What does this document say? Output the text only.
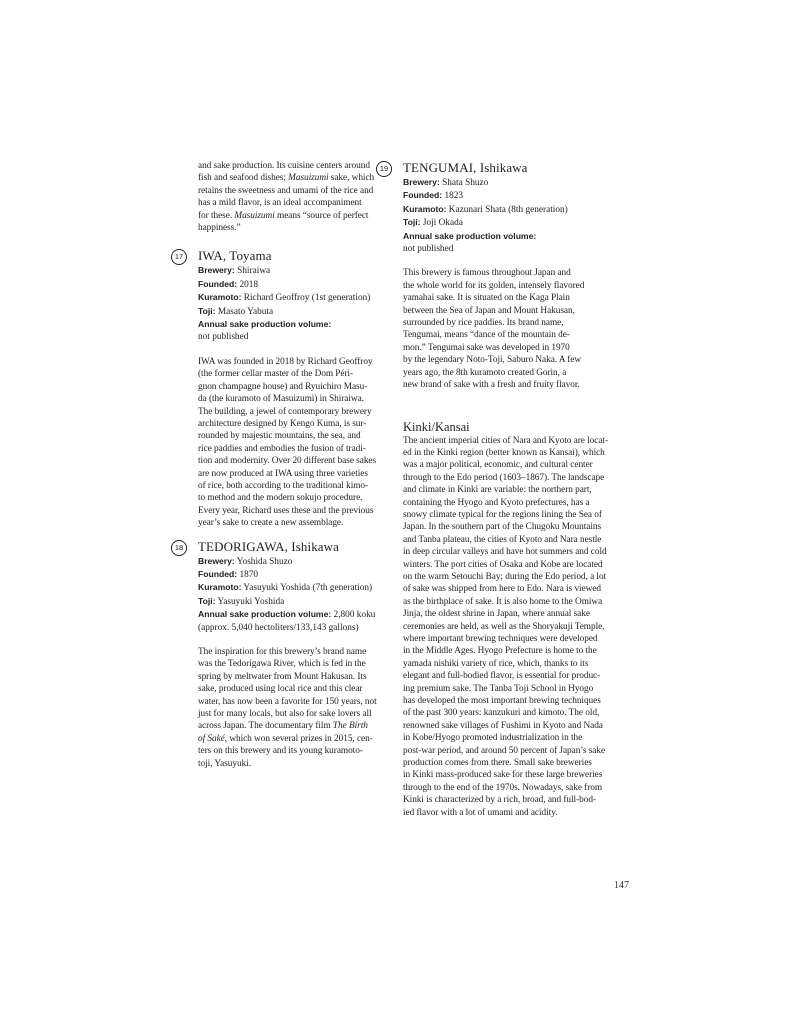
and sake production. Its cuisine centers around
fish and seafood dishes; Masuizumi sake, which
retains the sweetness and umami of the rice and
has a mild flavor, is an ideal accompaniment
for these. Masuizumi means “source of perfect
happiness.”

17 IWA, Toyama

Brewery: Shiraiwa

Founded: 2018

Kuramoto: Richard Geoffroy (1st generation)

Toji: Masato Yabuta

Annual sake production volume:

not published

IWA was founded in 2018 by Richard Geoffroy
(the former cellar master of the Dom Péri-
gnon champagne house) and Ryuichiro Masu-
da (the kuramoto of Masuizumi) in Shiraiwa.
The building, a jewel of contemporary brewery
architecture designed by Kengo Kuma, is sur-
rounded by majestic mountains, the sea, and
rice paddies and embodies the fusion of tradi-
tion and modernity. Over 20 different base sakes
are now produced at IWA using three varieties
of rice, both according to the traditional kimo-
to method and the modern sokujo procedure.
Every year, Richard uses these and the previous
year’s sake to create a new assemblage.

18 TEDORIGAWA, Ishikawa

Brewery: Yoshida Shuzo

Founded: 1870

Kuramoto: Yasuyuki Yoshida (7th generation)

Toji: Yasuyuki Yoshida

Annual sake production volume: 2,800 koku

(approx. 5,040 hectoliters/133,143 gallons)

The inspiration for this brewery’s brand name
was the Tedorigawa River, which is fed in the
spring by meltwater from Mount Hakusan. Its
sake, produced using local rice and this clear
water, has now been a favorite for 150 years, not
just for many locals, but also for sake lovers all
across Japan. The documentary film The Birth
of Saké, which won several prizes in 2015, cen-
ters on this brewery and its young kuramoto-
toji, Yasuyuki.

19 TENGUMAI, Ishikawa

Brewery: Shata Shuzo

Founded: 1823

Kuramoto: Kazunari Shata (8th generation)

Toji: Joji Okada

Annual sake production volume:

not published

This brewery is famous throughout Japan and
the whole world for its golden, intensely flavored
yamahai sake. It is situated on the Kaga Plain
between the Sea of Japan and Mount Hakusan,
surrounded by rice paddies. Its brand name,
Tengumai, means “dance of the mountain de-
mon.” Tengumai sake was developed in 1970
by the legendary Noto-Toji, Saburo Naka. A few
years ago, the 8th kuramoto created Gorin, a
new brand of sake with a fresh and fruity flavor.

Kinki/Kansai

The ancient imperial cities of Nara and Kyoto are locat-
ed in the Kinki region (better known as Kansai), which
was a major political, economic, and cultural center
through to the Edo period (1603–1867). The landscape
and climate in Kinki are variable: the northern part,
containing the Hyogo and Kyoto prefectures, has a
snowy climate typical for the regions lining the Sea of
Japan. In the southern part of the Chugoku Mountains
and Tanba plateau, the cities of Kyoto and Nara nestle
in deep circular valleys and have hot summers and cold
winters. The port cities of Osaka and Kobe are located
on the warm Setouchi Bay; during the Edo period, a lot
of sake was shipped from here to Edo. Nara is viewed
as the birthplace of sake. It is also home to the Omiwa
Jinja, the oldest shrine in Japan, where annual sake
ceremonies are held, as well as the Shoryakuji Temple,
where important brewing techniques were developed
in the Middle Ages. Hyogo Prefecture is home to the
yamada nishiki variety of rice, which, thanks to its
elegant and full-bodied flavor, is essential for produc-
ing premium sake. The Tanba Toji School in Hyogo
has developed the most important brewing techniques
of the past 300 years: kanzukuri and kimoto. The old,
renowned sake villages of Fushimi in Kyoto and Nada
in Kobe/Hyogo promoted industrialization in the
post-war period, and around 50 percent of Japan’s sake
production comes from there. Small sake breweries
in Kinki mass-produced sake for these large breweries
through to the end of the 1970s. Nowadays, sake from
Kinki is characterized by a rich, broad, and full-bod-
ied flavor with a lot of umami and acidity.

147
